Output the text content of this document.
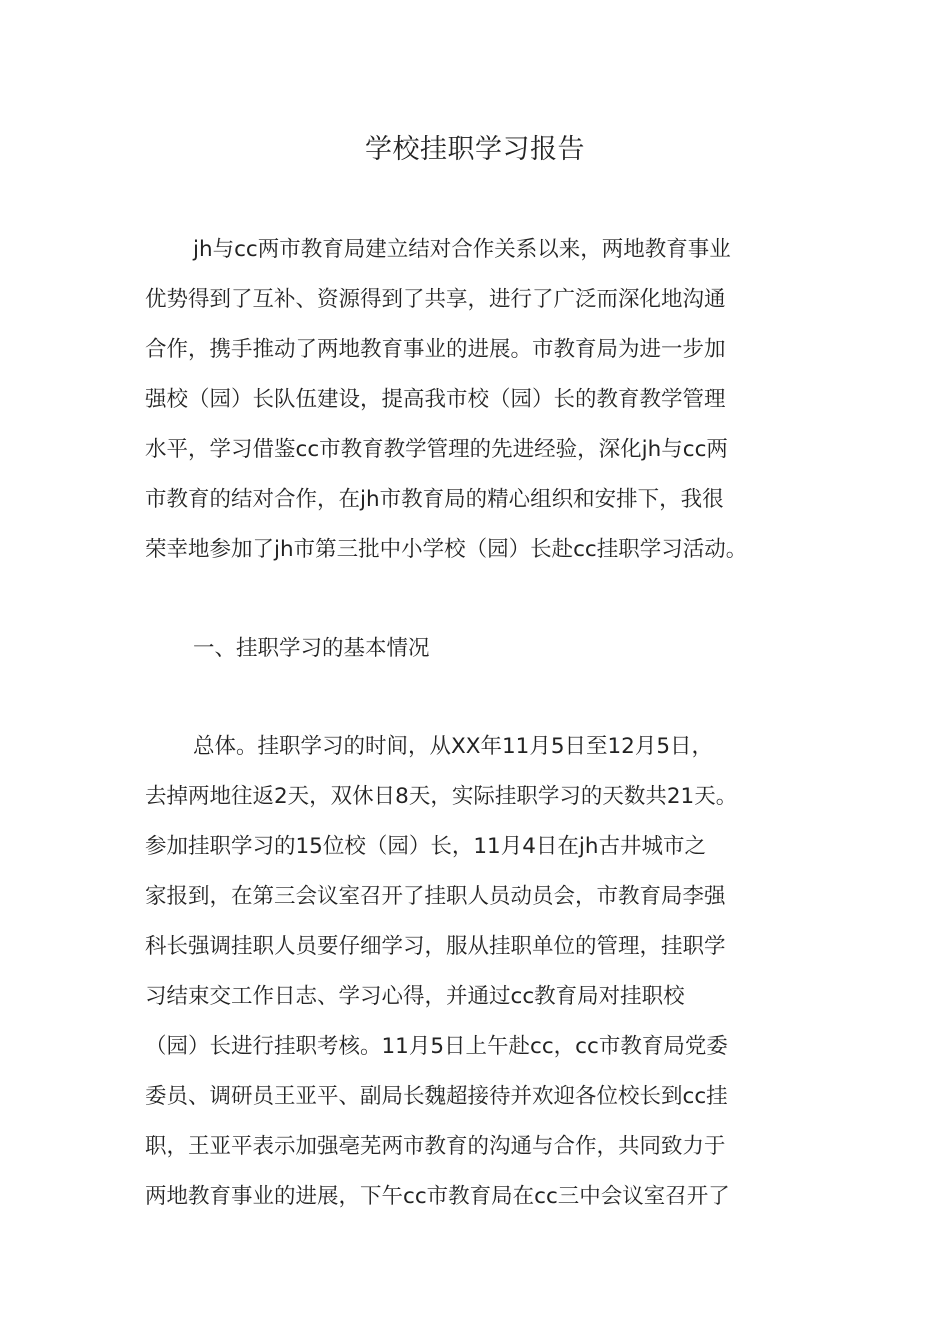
学校挂职学习报告
jh与cc两市教育局建立结对合作关系以来，两地教育事业
优势得到了互补、资源得到了共享，进行了广泛而深化地沟通
合作，携手推动了两地教育事业的进展。市教育局为进一步加
强校（园）长队伍建设，提高我市校（园）长的教育教学管理
水平，学习借鉴cc市教育教学管理的先进经验，深化jh与cc两
市教育的结对合作，在jh市教育局的精心组织和安排下，我很
荣幸地参加了jh市第三批中小学校（园）长赴cc挂职学习活动。
一、挂职学习的基本情况
总体。挂职学习的时间，从XX年11月5日至12月5日，
去掉两地往返2天，双休日8天，实际挂职学习的天数共21天。
参加挂职学习的15位校（园）长，11月4日在jh古井城市之
家报到，在第三会议室召开了挂职人员动员会，市教育局李强
科长强调挂职人员要仔细学习，服从挂职单位的管理，挂职学
习结束交工作日志、学习心得，并通过cc教育局对挂职校
（园）长进行挂职考核。11月5日上午赴cc，cc市教育局党委
委员、调研员王亚平、副局长魏超接待并欢迎各位校长到cc挂
职，王亚平表示加强亳芜两市教育的沟通与合作，共同致力于
两地教育事业的进展，下午cc市教育局在cc三中会议室召开了
